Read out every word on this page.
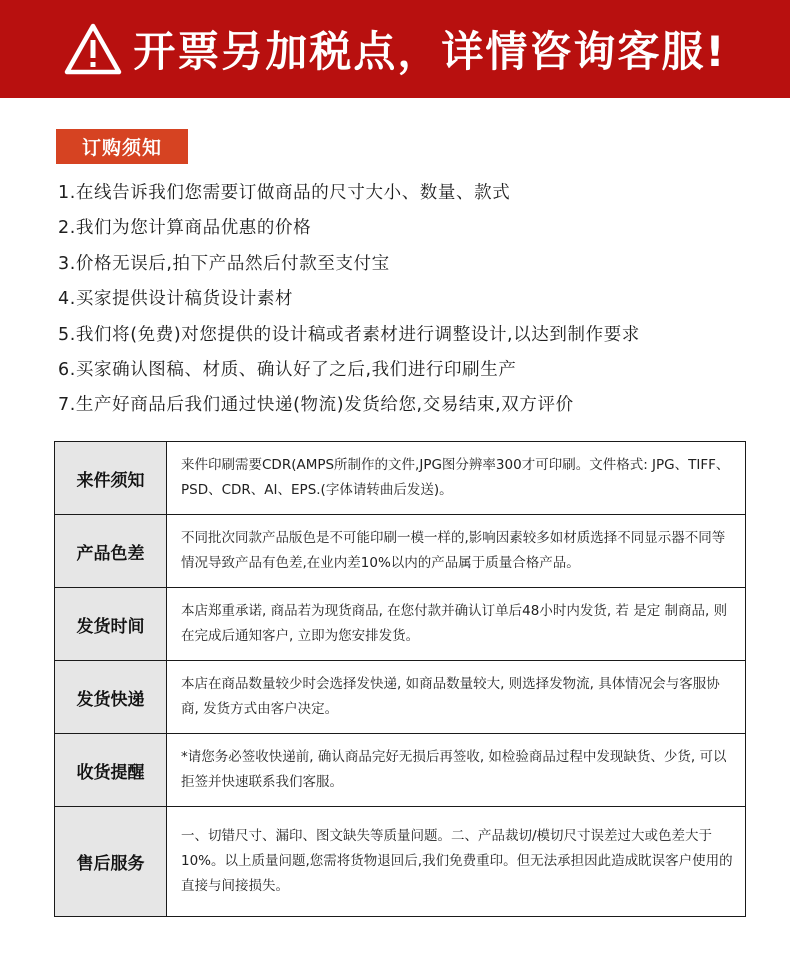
开票另加税点，详情咨询客服!
订购须知
1.在线告诉我们您需要订做商品的尺寸大小、数量、款式
2.我们为您计算商品优惠的价格
3.价格无误后,拍下产品然后付款至支付宝
4.买家提供设计稿货设计素材
5.我们将(免费)对您提供的设计稿或者素材进行调整设计,以达到制作要求
6.买家确认图稿、材质、确认好了之后,我们进行印刷生产
7.生产好商品后我们通过快递(物流)发货给您,交易结束,双方评价
来件须知	来件印刷需要CDR(AMPS所制作的文件,JPG图分辨率300才可印刷。文件格式: JPG、TIFF、PSD、CDR、AI、EPS.(字体请转曲后发送)。
产品色差	不同批次同款产品版色是不可能印刷一模一样的,影响因素较多如材质选择不同显示器不同等情况导致产品有色差,在业内差10%以内的产品属于质量合格产品。
发货时间	本店郑重承诺, 商品若为现货商品, 在您付款并确认订单后48小时内发货, 若 是定 制商品, 则在完成后通知客户, 立即为您安排发货。
发货快递	本店在商品数量较少时会选择发快递, 如商品数量较大, 则选择发物流, 具体情况会与客服协商, 发货方式由客户决定。
收货提醒	*请您务必签收快递前, 确认商品完好无损后再签收, 如检验商品过程中发现缺货、少货, 可以拒签并快速联系我们客服。
售后服务	一、切错尺寸、漏印、图文缺失等质量问题。二、产品裁切/模切尺寸误差过大或色差大于10%。以上质量问题,您需将货物退回后,我们免费重印。但无法承担因此造成眈误客户使用的直接与间接损失。
